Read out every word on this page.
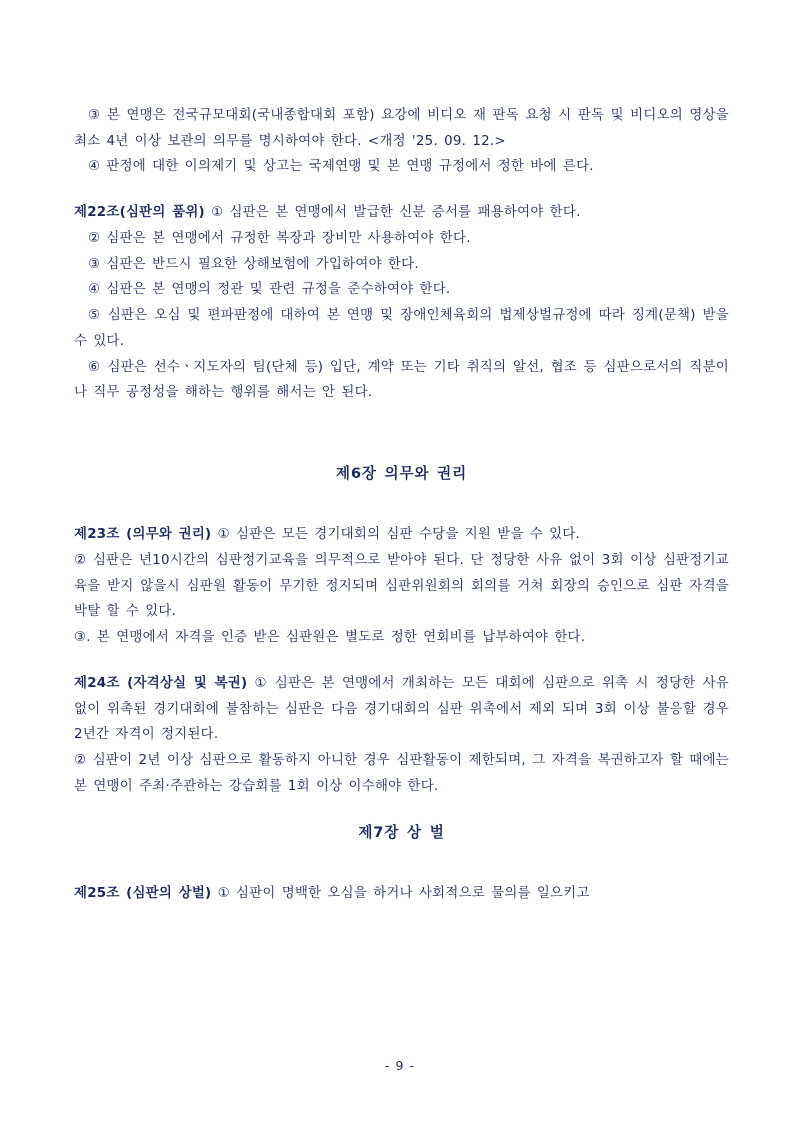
③ 본 연맹은 전국규모대회(국내종합대회 포함) 요강에 비디오 재 판독 요청 시 판독 및 비디오의 영상을 최소 4년 이상 보관의 의무를 명시하여야 한다. <개정 '25. 09. 12.>

④ 판정에 대한 이의제기 및 상고는 국제연맹 및 본 연맹 규정에서 정한 바에 른다.

제22조(심판의 품위) ① 심판은 본 연맹에서 발급한 신분 증서를 패용하여야 한다.

② 심판은 본 연맹에서 규정한 복장과 장비만 사용하여야 한다.

③ 심판은 반드시 필요한 상해보험에 가입하여야 한다.

④ 심판은 본 연맹의 정관 및 관련 규정을 준수하여야 한다.

⑤ 심판은 오심 및 편파판정에 대하여 본 연맹 및 장애인체육회의 법제상벌규정에 따라 징계(문책) 받을 수 있다.

⑥ 심판은 선수ㆍ지도자의 팀(단체 등) 입단, 계약 또는 기타 취직의 알선, 협조 등 심판으로서의 직분이나 직무 공정성을 해하는 행위를 해서는 안 된다.

제6장 의무와 권리

제23조 (의무와 권리) ① 심판은 모든 경기대회의 심판 수당을 지원 받을 수 있다.

② 심판은 년10시간의 심판정기교육을 의무적으로 받아야 된다. 단 정당한 사유 없이 3회 이상 심판정기교육을 받지 않을시 심판원 활동이 무기한 정지되며 심판위원회의 회의를 거쳐 회장의 승인으로 심판 자격을 박탈 할 수 있다.

③. 본 연맹에서 자격을 인증 받은 심판원은 별도로 정한 연회비를 납부하여야 한다.

제24조 (자격상실 및 복권) ① 심판은 본 연맹에서 개최하는 모든 대회에 심판으로 위촉 시 정당한 사유 없이 위촉된 경기대회에 불참하는 심판은 다음 경기대회의 심판 위촉에서 제외 되며 3회 이상 불응할 경우 2년간 자격이 정지된다.

② 심판이 2년 이상 심판으로 활동하지 아니한 경우 심판활동이 제한되며, 그 자격을 복권하고자 할 때에는 본 연맹이 주최·주관하는 강습회를 1회 이상 이수해야 한다.

제7장 상 벌

제25조 (심판의 상벌) ① 심판이 명백한 오심을 하거나 사회적으로 물의를 일으키고

- 9 -
